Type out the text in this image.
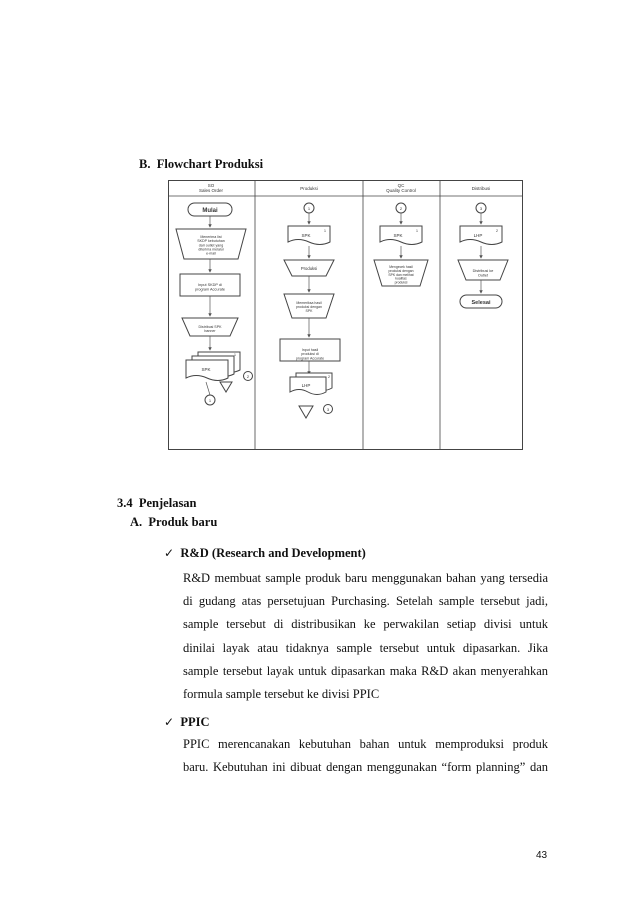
B. Flowchart Produksi
SO Sales Order	Produksi
QC Quality Control	Distribusi
Mulai
Menerima list SKDP kebutuhan dari outlet yang diterima melalui e-mail
Input SKDP di program Accurate
Distribusi SPK banner
SPK
1
1
2
1
SPK
1
Produksi
Memeriksa hasil produksi dengan SPK
Input hasil produksi di program Accurate
LHP
2
3
2
SPK
1
Mengecek hasil produksi dengan SPK dan melihat kualitas produksi
3
LHP
2
Distribusi ke Outlet
Selesai
3.4 Penjelasan
A. Produk baru
✓ R&D (Research and Development)
R&D membuat sample produk baru menggunakan bahan yang tersedia
di gudang atas persetujuan Purchasing. Setelah sample tersebut jadi,
sample tersebut di distribusikan ke perwakilan setiap divisi untuk
dinilai layak atau tidaknya sample tersebut untuk dipasarkan. Jika
sample tersebut layak untuk dipasarkan maka R&D akan menyerahkan
formula sample tersebut ke divisi PPIC
✓ PPIC
PPIC merencanakan kebutuhan bahan untuk memproduksi produk
baru. Kebutuhan ini dibuat dengan menggunakan “form planning” dan
43
